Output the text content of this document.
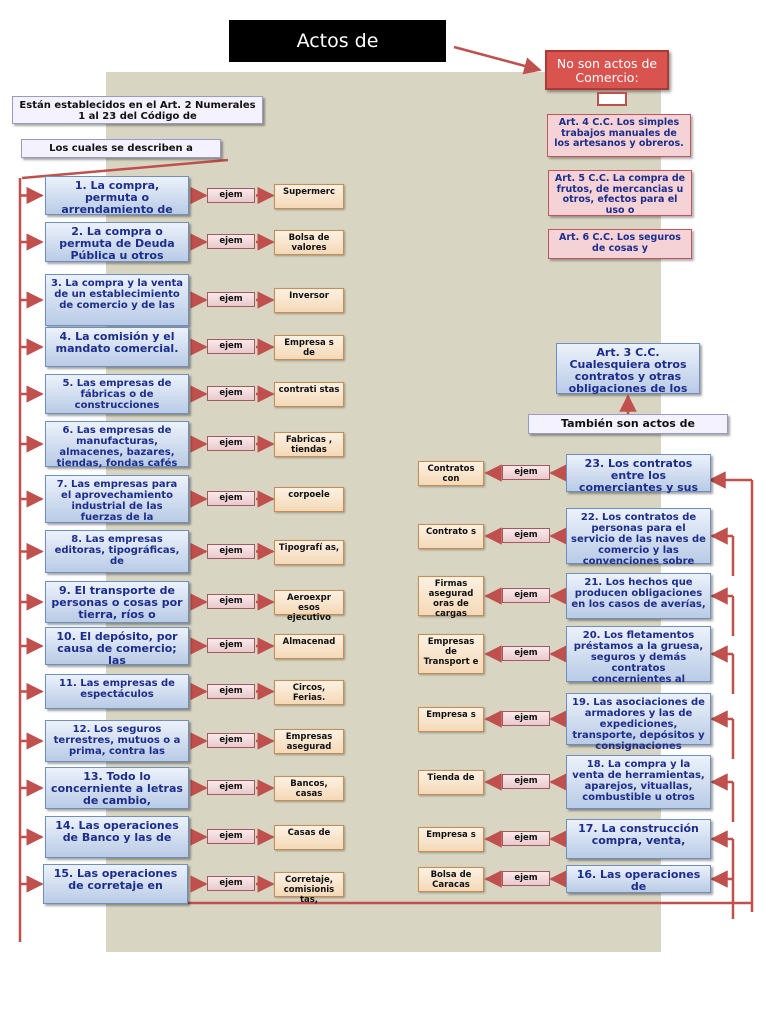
Actos de
No son actos de Comercio:
Art. 4 C.C. Los simples trabajos manuales de los artesanos y obreros.
Art. 5 C.C. La compra de frutos, de mercancias u otros, efectos para el uso o
Art. 6 C.C. Los seguros de cosas y
Están establecidos en el Art. 2 Numerales 1 al 23 del Código de
Los cuales se describen a
También son actos de
Art. 3 C.C. Cualesquiera otros contratos y otras obligaciones de los
1. La compra, permuta o arrendamiento de
ejem	Supermerc
2. La compra o permuta de Deuda Pública u otros
ejem	Bolsa de valores
3. La compra y la venta de un establecimiento de comercio y de las
ejem	Inversor
4. La comisión y el mandato comercial.	ejem	Empresa s de
5. Las empresas de fábricas o de construcciones
ejem	contrati stas
6. Las empresas de manufacturas, almacenes, bazares, tiendas, fondas cafés
ejem	Fabricas , tiendas
7. Las empresas para el aprovechamiento industrial de las fuerzas de la
ejem	corpoele
8. Las empresas editoras, tipográficas, de
ejem	Tipografí as,
9. El transporte de personas o cosas por tierra, ríos o
ejem	Aeroexpr esos ejecutivo
10. El depósito, por causa de comercio; las
ejem	Almacenad
11. Las empresas de espectáculos	ejem	Circos, Ferias.
12. Los seguros terrestres, mutuos o a prima, contra las
ejem	Empresas asegurad
13. Todo lo concerniente a letras de cambio,
ejem	Bancos, casas
14. Las operaciones de Banco y las de	ejem	Casas de
15. Las operaciones de corretaje en	ejem	Corretaje, comisionis tas,
23. Los contratos entre los comerciantes y sus
ejem
Contratos con
22. Los contratos de personas para el servicio de las naves de comercio y las convenciones sobre
ejem
Contrato s
21. Los hechos que producen obligaciones en los casos de averías,
ejem
Firmas asegurad oras de cargas
20. Los fletamentos préstamos a la gruesa, seguros y demás contratos concernientes al
ejem
Empresas de Transport e
19. Las asociaciones de armadores y las de expediciones, transporte, depósitos y consignaciones
ejem
Empresa s
18. La compra y la venta de herramientas, aparejos, vituallas, combustible u otros
ejem
Tienda de
17. La construcción compra, venta,
ejem
Empresa s
16. Las operaciones de
ejem
Bolsa de Caracas
